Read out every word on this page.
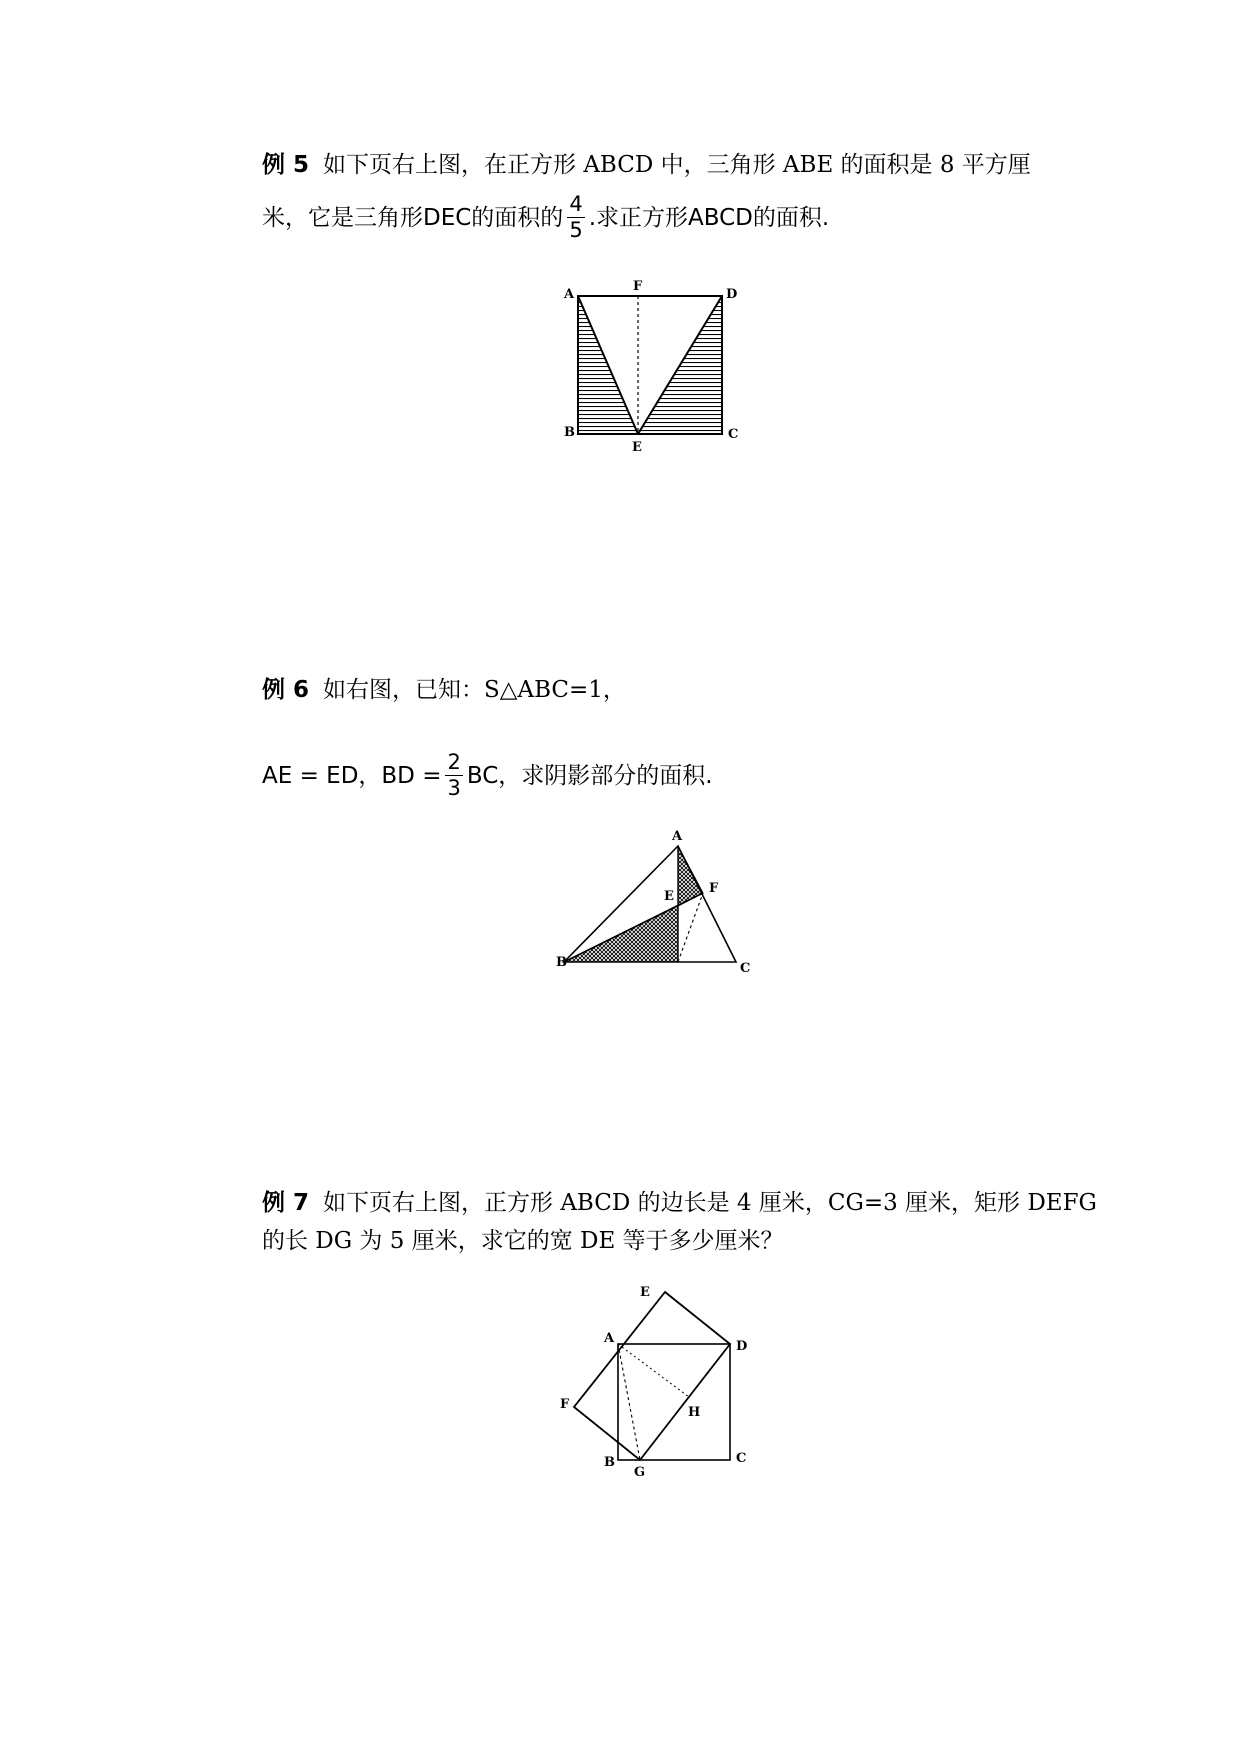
例 5 如下页右上图，在正方形 ABCD 中，三角形 ABE 的面积是 8 平方厘
米，它是三角形DEC的面积的 $\frac{4}{5}$ .求正方形ABCD的面积.
A
F
D
B
E
C
例 6 如右图，已知：S△ABC=1，
AE = ED，BD = $\frac{2}{3}$ BC，求阴影部分的面积.
A
E
F
B	C
例 7 如下页右上图，正方形 ABCD 的边长是 4 厘米，CG=3 厘米，矩形 DEFG
的长 DG 为 5 厘米，求它的宽 DE 等于多少厘米？
E
A
D
F
H
B
G
C
